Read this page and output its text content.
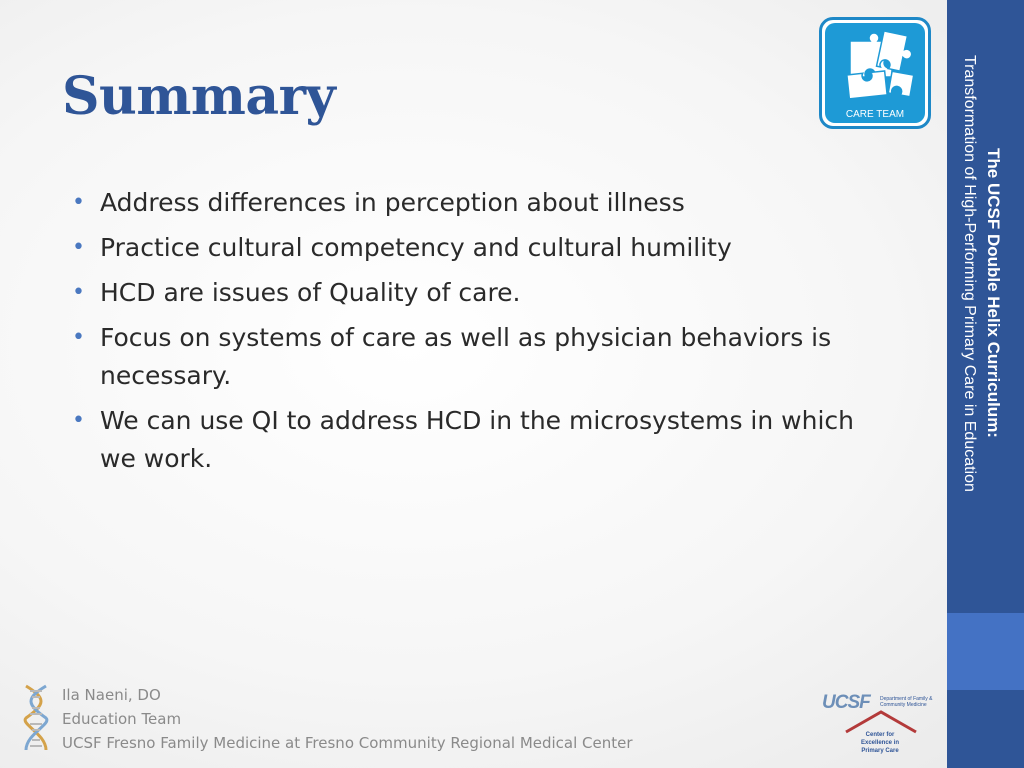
Summary
• Address differences in perception about illness
• Practice cultural competency and cultural humility
• HCD are issues of Quality of care.
• Focus on systems of care as well as physician behaviors is necessary.
• We can use QI to address HCD in the microsystems in which we work.
CARE TEAM
The UCSF Double Helix Curriculum:
Transformation of High-Performing Primary Care in Education
Ila Naeni, DO
Education Team
UCSF Fresno Family Medicine at Fresno Community Regional Medical Center
UCSF Department of Family & Community Medicine
Center for Excellence in Primary Care
